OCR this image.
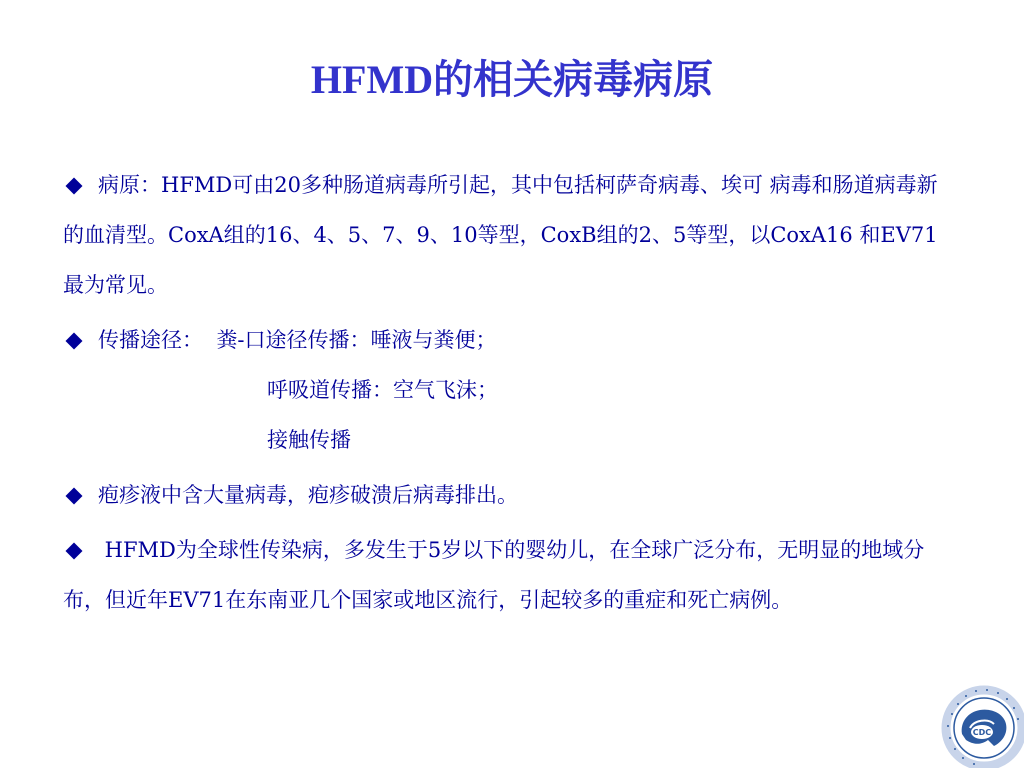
HFMD的相关病毒病原
病原：HFMD可由20多种肠道病毒所引起，其中包括柯萨奇病毒、埃可 病毒和肠道病毒新的血清型。CoxA组的16、4、5、7、9、10等型，CoxB组的2、5等型，以CoxA16 和EV71最为常见。
传播途径： 粪-口途径传播：唾液与粪便；
呼吸道传播：空气飞沫；
接触传播
疱疹液中含大量病毒，疱疹破溃后病毒排出。
HFMD为全球性传染病，多发生于5岁以下的婴幼儿，在全球广泛分布，无明显的地域分布，但近年EV71在东南亚几个国家或地区流行，引起较多的重症和死亡病例。
CDC
